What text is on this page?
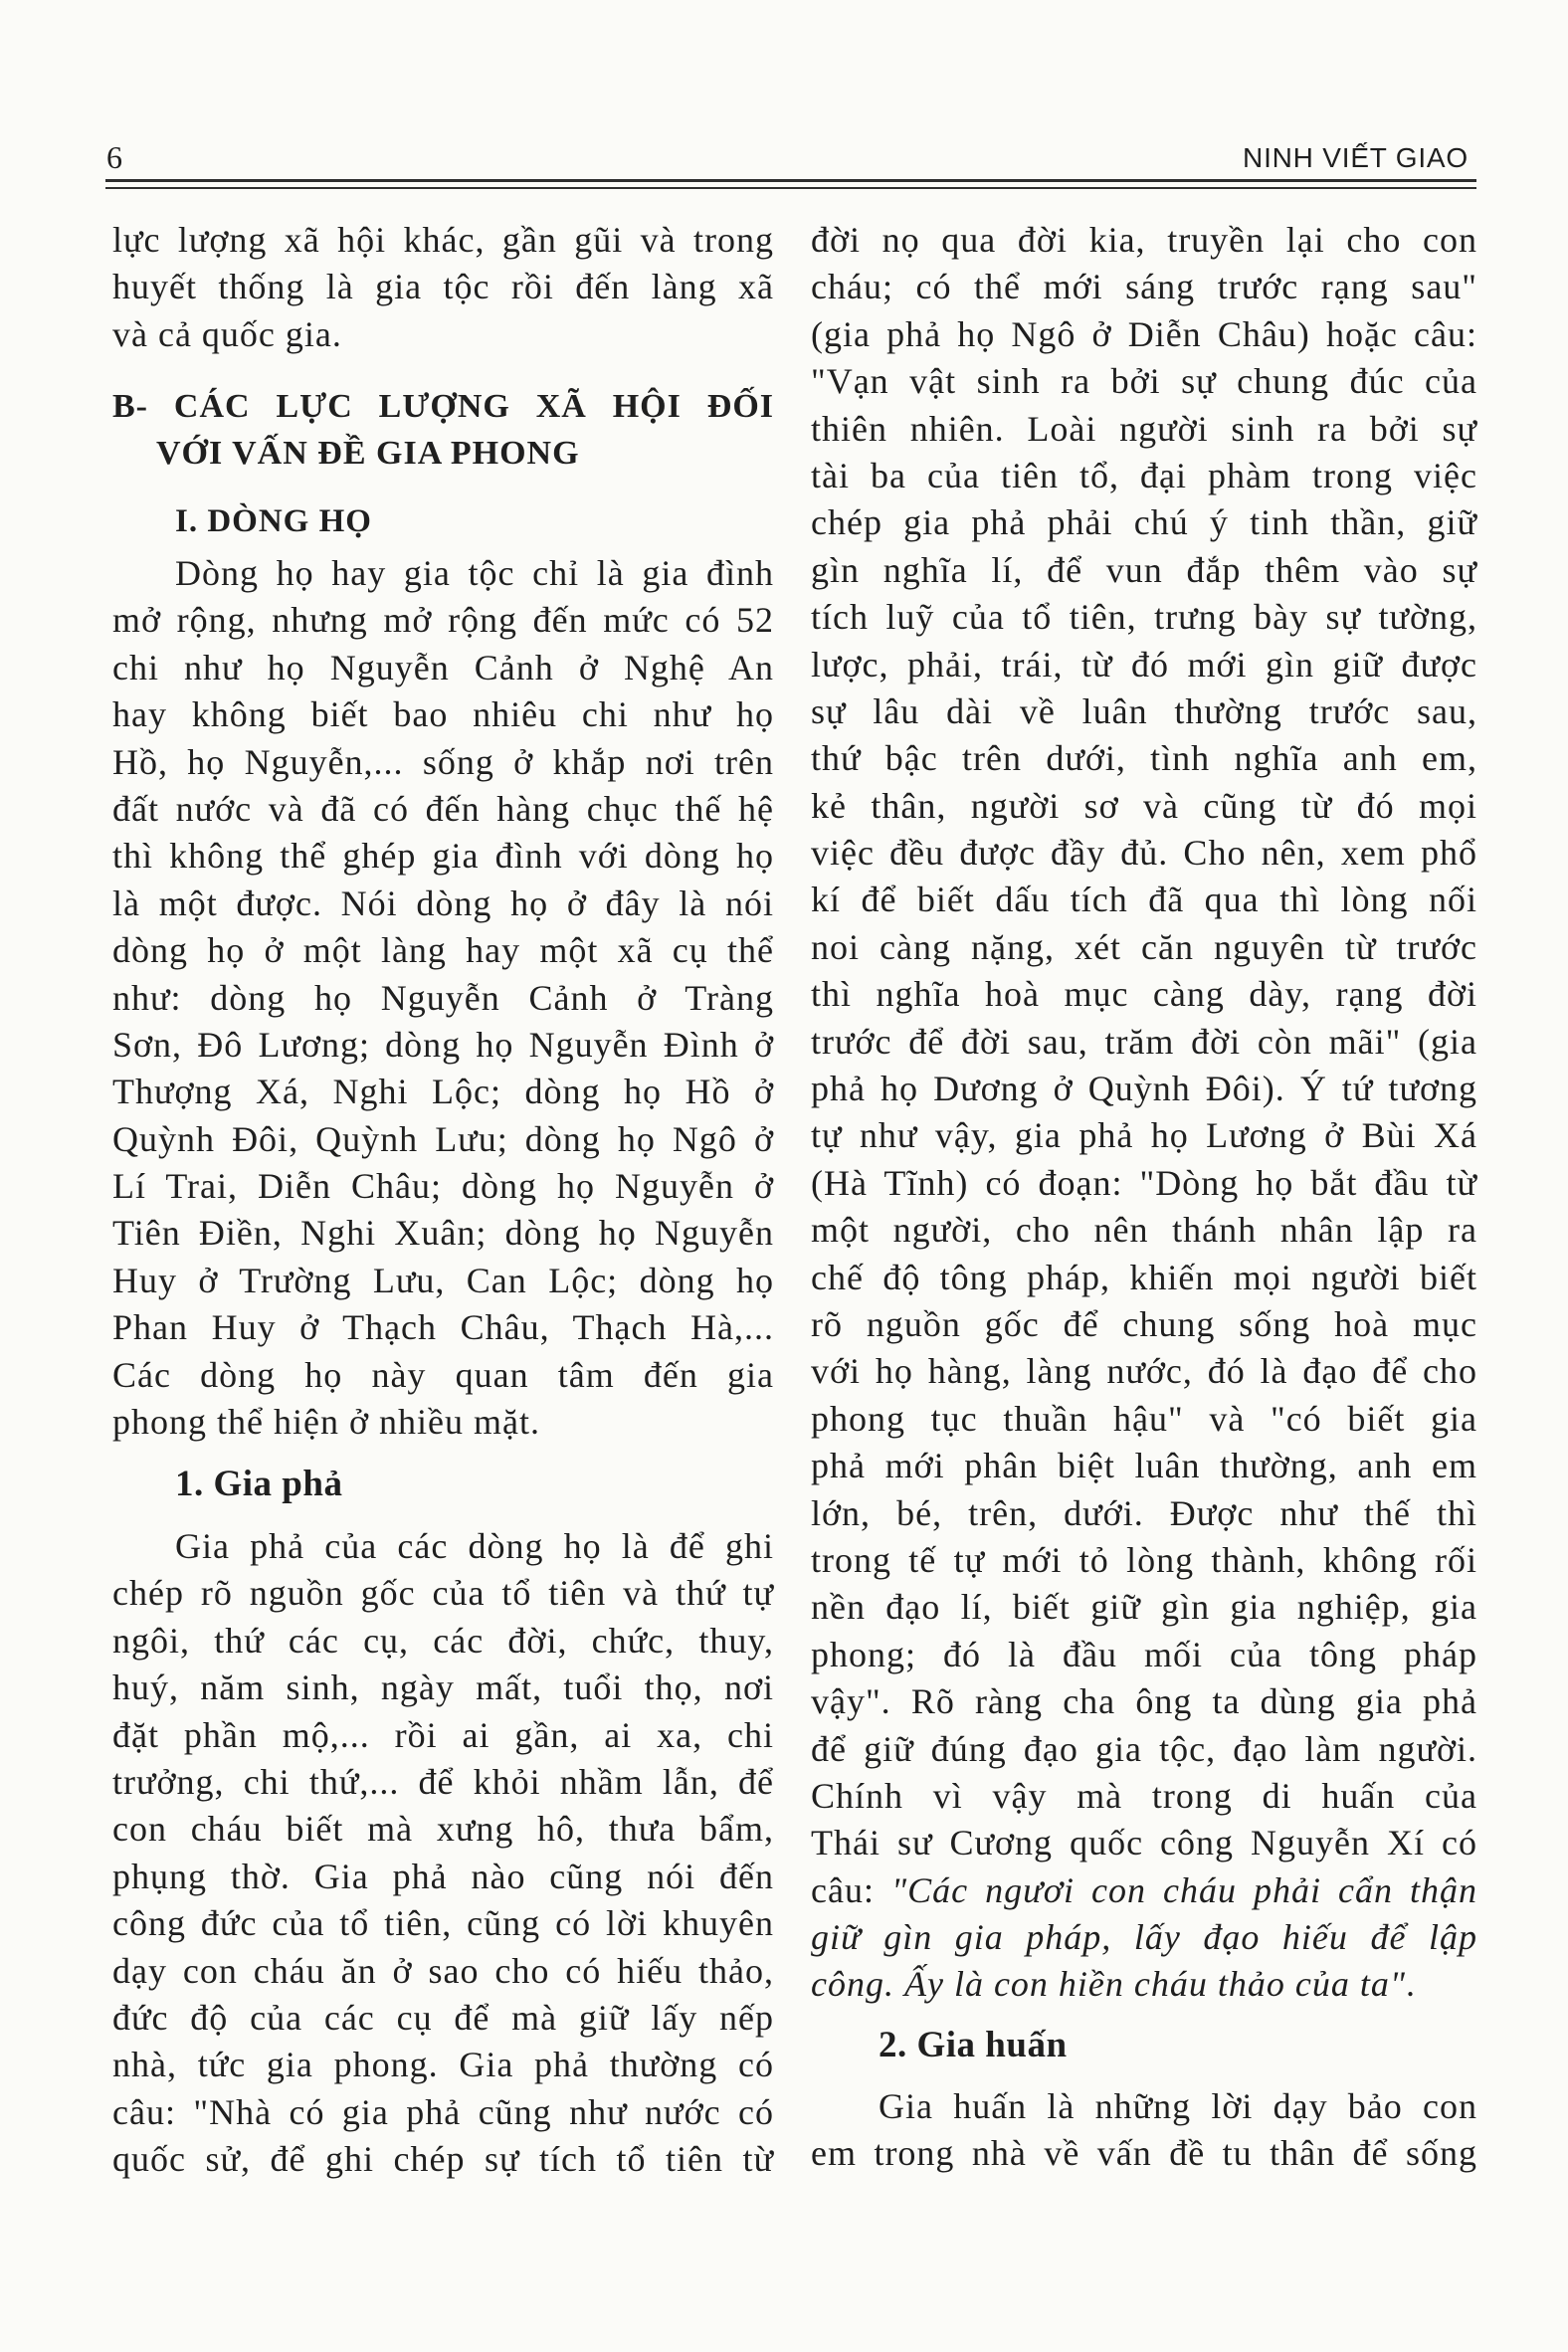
6	NINH VIẾT GIAO
lực lượng xã hội khác, gần gũi và trong
huyết thống là gia tộc rồi đến làng xã
và cả quốc gia.
B- CÁC LỰC LƯỢNG XÃ HỘI ĐỐI
VỚI VẤN ĐỀ GIA PHONG
I. DÒNG HỌ
Dòng họ hay gia tộc chỉ là gia đình
mở rộng, nhưng mở rộng đến mức có 52
chi như họ Nguyễn Cảnh ở Nghệ An
hay không biết bao nhiêu chi như họ
Hồ, họ Nguyễn,... sống ở khắp nơi trên
đất nước và đã có đến hàng chục thế hệ
thì không thể ghép gia đình với dòng họ
là một được. Nói dòng họ ở đây là nói
dòng họ ở một làng hay một xã cụ thể
như: dòng họ Nguyễn Cảnh ở Tràng
Sơn, Đô Lương; dòng họ Nguyễn Đình ở
Thượng Xá, Nghi Lộc; dòng họ Hồ ở
Quỳnh Đôi, Quỳnh Lưu; dòng họ Ngô ở
Lí Trai, Diễn Châu; dòng họ Nguyễn ở
Tiên Điền, Nghi Xuân; dòng họ Nguyễn
Huy ở Trường Lưu, Can Lộc; dòng họ
Phan Huy ở Thạch Châu, Thạch Hà,...
Các dòng họ này quan tâm đến gia
phong thể hiện ở nhiều mặt.
1. Gia phả
Gia phả của các dòng họ là để ghi
chép rõ nguồn gốc của tổ tiên và thứ tự
ngôi, thứ các cụ, các đời, chức, thuy,
huý, năm sinh, ngày mất, tuổi thọ, nơi
đặt phần mộ,... rồi ai gần, ai xa, chi
trưởng, chi thứ,... để khỏi nhầm lẫn, để
con cháu biết mà xưng hô, thưa bẩm,
phụng thờ. Gia phả nào cũng nói đến
công đức của tổ tiên, cũng có lời khuyên
dạy con cháu ăn ở sao cho có hiếu thảo,
đức độ của các cụ để mà giữ lấy nếp
nhà, tức gia phong. Gia phả thường có
câu: "Nhà có gia phả cũng như nước có
quốc sử, để ghi chép sự tích tổ tiên từ
đời nọ qua đời kia, truyền lại cho con
cháu; có thể mới sáng trước rạng sau"
(gia phả họ Ngô ở Diễn Châu) hoặc câu:
"Vạn vật sinh ra bởi sự chung đúc của
thiên nhiên. Loài người sinh ra bởi sự
tài ba của tiên tổ, đại phàm trong việc
chép gia phả phải chú ý tinh thần, giữ
gìn nghĩa lí, để vun đắp thêm vào sự
tích luỹ của tổ tiên, trưng bày sự tường,
lược, phải, trái, từ đó mới gìn giữ được
sự lâu dài về luân thường trước sau,
thứ bậc trên dưới, tình nghĩa anh em,
kẻ thân, người sơ và cũng từ đó mọi
việc đều được đầy đủ. Cho nên, xem phổ
kí để biết dấu tích đã qua thì lòng nối
noi càng nặng, xét căn nguyên từ trước
thì nghĩa hoà mục càng dày, rạng đời
trước để đời sau, trăm đời còn mãi" (gia
phả họ Dương ở Quỳnh Đôi). Ý tứ tương
tự như vậy, gia phả họ Lương ở Bùi Xá
(Hà Tĩnh) có đoạn: "Dòng họ bắt đầu từ
một người, cho nên thánh nhân lập ra
chế độ tông pháp, khiến mọi người biết
rõ nguồn gốc để chung sống hoà mục
với họ hàng, làng nước, đó là đạo để cho
phong tục thuần hậu" và "có biết gia
phả mới phân biệt luân thường, anh em
lớn, bé, trên, dưới. Được như thế thì
trong tế tự mới tỏ lòng thành, không rối
nền đạo lí, biết giữ gìn gia nghiệp, gia
phong; đó là đầu mối của tông pháp
vậy". Rõ ràng cha ông ta dùng gia phả
để giữ đúng đạo gia tộc, đạo làm người.
Chính vì vậy mà trong di huấn của
Thái sư Cương quốc công Nguyễn Xí có
câu: "Các ngươi con cháu phải cẩn thận
giữ gìn gia pháp, lấy đạo hiếu để lập
công. Ấy là con hiền cháu thảo của ta".
2. Gia huấn
Gia huấn là những lời dạy bảo con
em trong nhà về vấn đề tu thân để sống
